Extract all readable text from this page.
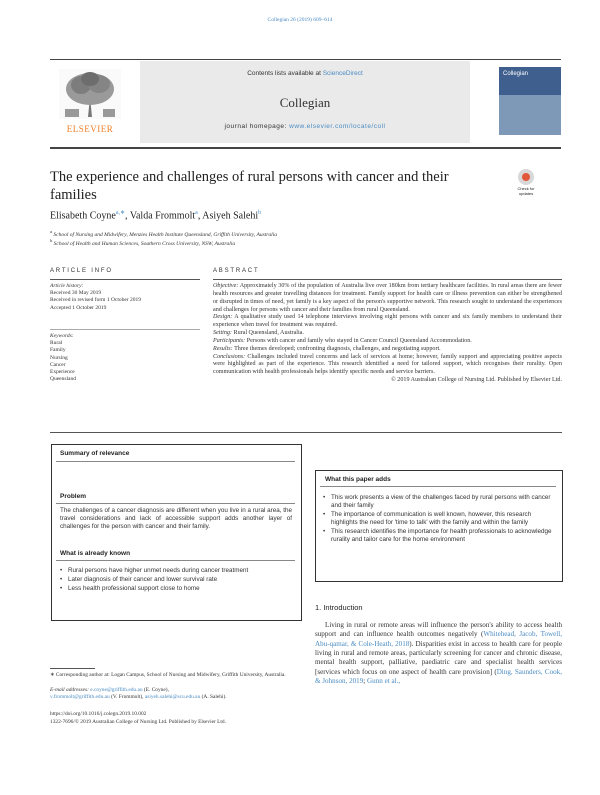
Collegian 26 (2019) 609–614
ELSEVIER
Contents lists available at ScienceDirect
Collegian
journal homepage: www.elsevier.com/locate/coll
Collegian
The experience and challenges of rural persons with cancer and their families	Check for updates
Elisabeth Coyne$^{a,∗}$, Valda Frommolt$^a$, Asiyeh Salehi$^b$
$^a$ School of Nursing and Midwifery, Menzies Health Institute Queensland, Griffith University, Australia
$^b$ School of Health and Human Sciences, Southern Cross University, NSW, Australia
ARTICLE INFO	ABSTRACT
Article history:
Received 30 May 2019
Received in revised form 1 October 2019
Accepted 1 October 2019
Keywords:
Rural
Family
Nursing
Cancer
Experience
Queensland
Objective: Approximately 30% of the population of Australia live over 180km from tertiary healthcare facilities. In rural areas there are fewer health resources and greater travelling distances for treatment. Family support for health care or illness prevention can either be strengthened or disrupted in times of need, yet family is a key aspect of the person's supportive network. This research sought to understand the experiences and challenges for persons with cancer and their families from rural Queensland.
Design: A qualitative study used 14 telephone interviews involving eight persons with cancer and six family members to understand their experience when travel for treatment was required.
Setting: Rural Queensland, Australia.
Participants: Persons with cancer and family who stayed in Cancer Council Queensland Accommodation.
Results: Three themes developed; confronting diagnosis, challenges, and negotiating support.
Conclusions: Challenges included travel concerns and lack of services at home; however, family support and appreciating positive aspects were highlighted as part of the experience. This research identified a need for tailored support, which recognises their rurality. Open communication with health professionals helps identify specific needs and service barriers.
© 2019 Australian College of Nursing Ltd. Published by Elsevier Ltd.
Summary of relevance
Problem
The challenges of a cancer diagnosis are different when you live in a rural area, the travel considerations and lack of accessible support adds another layer of challenges for the person with cancer and their family.
What is already known
• Rural persons have higher unmet needs during cancer treatment
• Later diagnosis of their cancer and lower survival rate
• Less health professional support close to home
What this paper adds
• This work presents a view of the challenges faced by rural persons with cancer and their family
• The importance of communication is well known, however, this research highlights the need for 'time to talk' with the family and within the family
• This research identifies the importance for health professionals to acknowledge rurality and tailor care for the home environment
1. Introduction
Living in rural or remote areas will influence the person's ability to access health support and can influence health outcomes negatively (Whitehead, Jacob, Towell, Abu-qamar, & Cole-Heath, 2018). Disparities exist in access to health care for people living in rural and remote areas, particularly screening for cancer and chronic disease, mental health support, palliative, paediatric care and specialist health services [services which focus on one aspect of health care provision] (Ding, Saunders, Cook, & Johnson, 2019; Gunn et al.,
∗ Corresponding author at: Logan Campus, School of Nursing and Midwifery, Griffith University, Australia.
E-mail addresses: e.coyne@griffith.edu.au (E. Coyne),
v.frommolt@griffith.edu.au (V. Frommolt), asiyeh.salehi@scu.edu.au (A. Salehi).
https://doi.org/10.1016/j.colegn.2019.10.002
1322-7696/© 2019 Australian College of Nursing Ltd. Published by Elsevier Ltd.
